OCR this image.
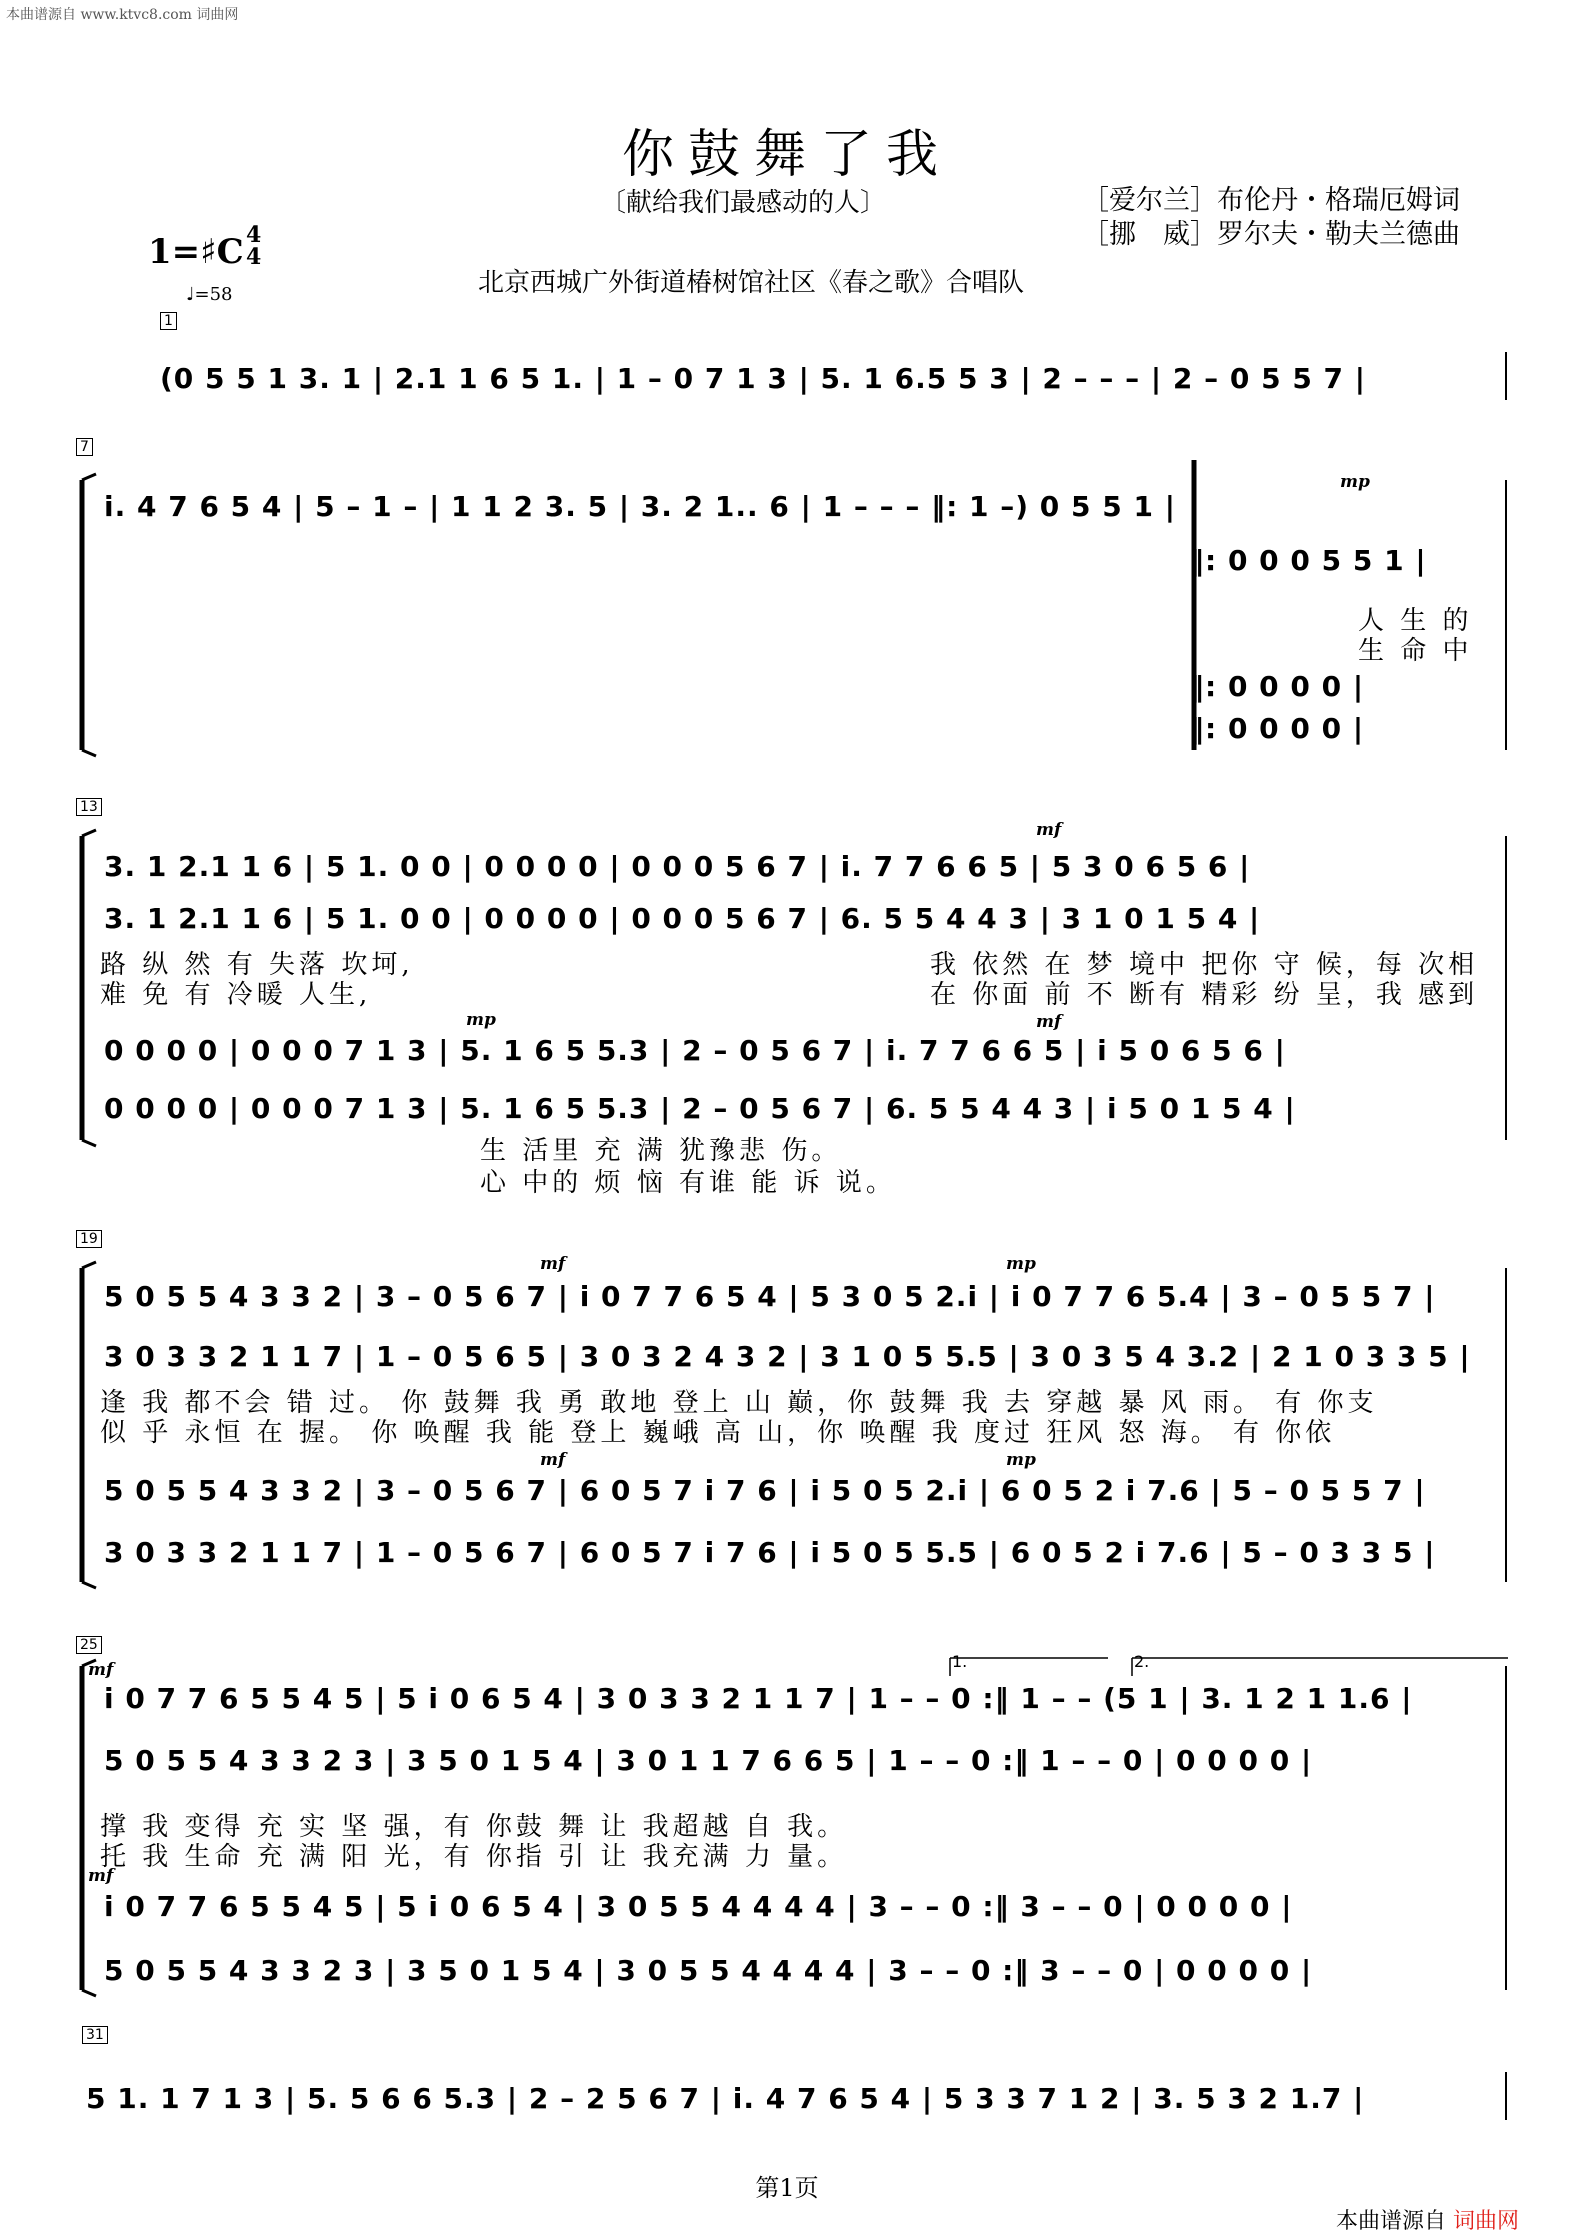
本曲谱源自 www.ktvc8.com 词曲网
你鼓舞了我
〔献给我们最感动的人〕	［爱尔兰］布伦丹・格瑞厄姆词
［挪　威］罗尔夫・勒夫兰德曲
1=♯C 4
4
♩=58	北京西城广外街道椿树馆社区《春之歌》合唱队
1
(0 5 5 1 3. 1 | 2.1 1 6 5 1. | 1 – 0 7 1 3 | 5. 1 6.5 5 3 | 2 – – – | 2 – 0 5 5 7 |
7
i. 4 7 6 5 4 | 5 – 1 – | 1 1 2 3. 5 | 3. 2 1.. 6 | 1 – – – ‖: 1 –) 0 5 5 1 |
‖: 0 0 0 5 5 1 |
mp
人 生 的
生 命 中
‖: 0 0 0 0 |
‖: 0 0 0 0 |
13
mf
3. 1 2.1 1 6 | 5 1. 0 0 | 0 0 0 0 | 0 0 0 5 6 7 | i. 7 7 6 6 5 | 5 3 0 6 5 6 |
3. 1 2.1 1 6 | 5 1. 0 0 | 0 0 0 0 | 0 0 0 5 6 7 | 6. 5 5 4 4 3 | 3 1 0 1 5 4 |
路 纵 然 有 失落 坎坷,
难 免 有 冷暖 人生,
我 依然 在 梦 境中 把你 守 候，每 次相
在 你面 前 不 断有 精彩 纷 呈，我 感到
mp	mf
0 0 0 0 | 0 0 0 7 1 3 | 5. 1 6 5 5.3 | 2 – 0 5 6 7 | i. 7 7 6 6 5 | i 5 0 6 5 6 |
0 0 0 0 | 0 0 0 7 1 3 | 5. 1 6 5 5.3 | 2 – 0 5 6 7 | 6. 5 5 4 4 3 | i 5 0 1 5 4 |
生 活里 充 满 犹豫悲 伤。
心 中的 烦 恼 有谁 能 诉 说。
19
mf	mp
5 0 5 5 4 3 3 2 | 3 – 0 5 6 7 | i 0 7 7 6 5 4 | 5 3 0 5 2.i | i 0 7 7 6 5.4 | 3 – 0 5 5 7 |
3 0 3 3 2 1 1 7 | 1 – 0 5 6 5 | 3 0 3 2 4 3 2 | 3 1 0 5 5.5 | 3 0 3 5 4 3.2 | 2 1 0 3 3 5 |
逢 我 都不会 错 过。 你 鼓舞 我 勇 敢地 登上 山 巅，你 鼓舞 我 去 穿越 暴 风 雨。 有 你支
似 乎 永恒 在 握。 你 唤醒 我 能 登上 巍峨 高 山，你 唤醒 我 度过 狂风 怒 海。 有 你依
mf	mp
5 0 5 5 4 3 3 2 | 3 – 0 5 6 7 | 6 0 5 7 i 7 6 | i 5 0 5 2.i | 6 0 5 2 i 7.6 | 5 – 0 5 5 7 |
3 0 3 3 2 1 1 7 | 1 – 0 5 6 7 | 6 0 5 7 i 7 6 | i 5 0 5 5.5 | 6 0 5 2 i 7.6 | 5 – 0 3 3 5 |
25
1.	2.
mf
i 0 7 7 6 5 5 4 5 | 5 i 0 6 5 4 | 3 0 3 3 2 1 1 7 | 1 – – 0 :‖ 1 – – (5 1 | 3. 1 2 1 1.6 |
5 0 5 5 4 3 3 2 3 | 3 5 0 1 5 4 | 3 0 1 1 7 6 6 5 | 1 – – 0 :‖ 1 – – 0 | 0 0 0 0 |
撑 我 变得 充 实 坚 强，有 你鼓 舞 让 我超越 自 我。
托 我 生命 充 满 阳 光，有 你指 引 让 我充满 力 量。
mf
i 0 7 7 6 5 5 4 5 | 5 i 0 6 5 4 | 3 0 5 5 4 4 4 4 | 3 – – 0 :‖ 3 – – 0 | 0 0 0 0 |
5 0 5 5 4 3 3 2 3 | 3 5 0 1 5 4 | 3 0 5 5 4 4 4 4 | 3 – – 0 :‖ 3 – – 0 | 0 0 0 0 |
31
5 1. 1 7 1 3 | 5. 5 6 6 5.3 | 2 – 2 5 6 7 | i. 4 7 6 5 4 | 5 3 3 7 1 2 | 3. 5 3 2 1.7 |
第1页
本曲谱源自 词曲网
